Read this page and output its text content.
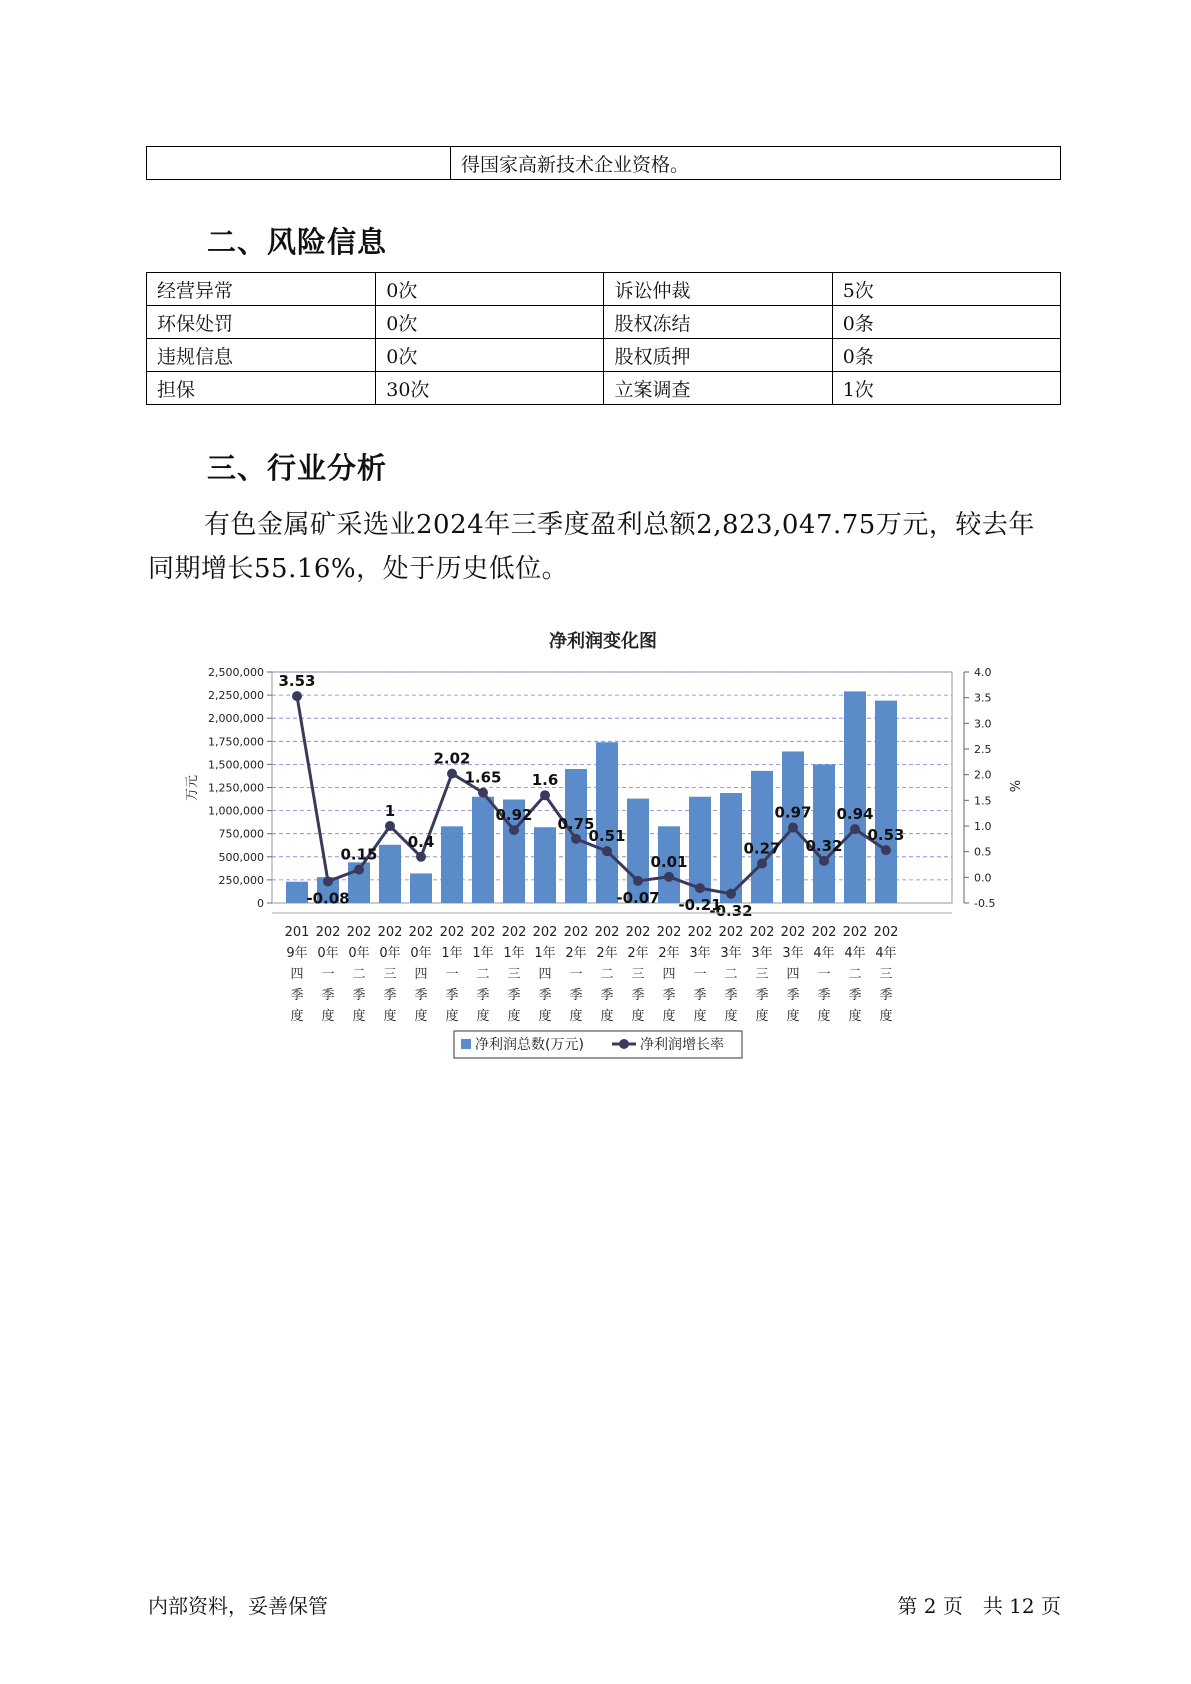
	得国家高新技术企业资格。
二、风险信息
经营异常	0次	诉讼仲裁	5次
环保处罚	0次	股权冻结	0条
违规信息	0次	股权质押	0条
担保	30次	立案调查	1次
三、行业分析
有色金属矿采选业2024年三季度盈利总额2,823,047.75万元，较去年同期增长55.16%，处于历史低位。
净利润变化图
0
250,000
500,000
750,000
1,000,000
1,250,000
1,500,000
1,750,000
2,000,000
2,250,000
2,500,000
-0.5
0.0
0.5
1.0
1.5
2.0
2.5
3.0
3.5
4.0
万元	%
3.53
-0.08
0.15
1
0.4
2.02
1.65
0.92
1.6
0.75
0.51
-0.07
0.01
-0.21
-0.32
0.27
0.97
0.32
0.94
0.53
201
9年
四
季
度
202
0年
一
季
度
202
0年
二
季
度
202
0年
三
季
度
202
0年
四
季
度
202
1年
一
季
度
202
1年
二
季
度
202
1年
三
季
度
202
1年
四
季
度
202
2年
一
季
度
202
2年
二
季
度
202
2年
三
季
度
202
2年
四
季
度
202
3年
一
季
度
202
3年
二
季
度
202
3年
三
季
度
202
3年
四
季
度
202
4年
一
季
度
202
4年
二
季
度
202
4年
三
季
度
净利润总数(万元)	净利润增长率
内部资料，妥善保管	第 2 页　共 12 页
